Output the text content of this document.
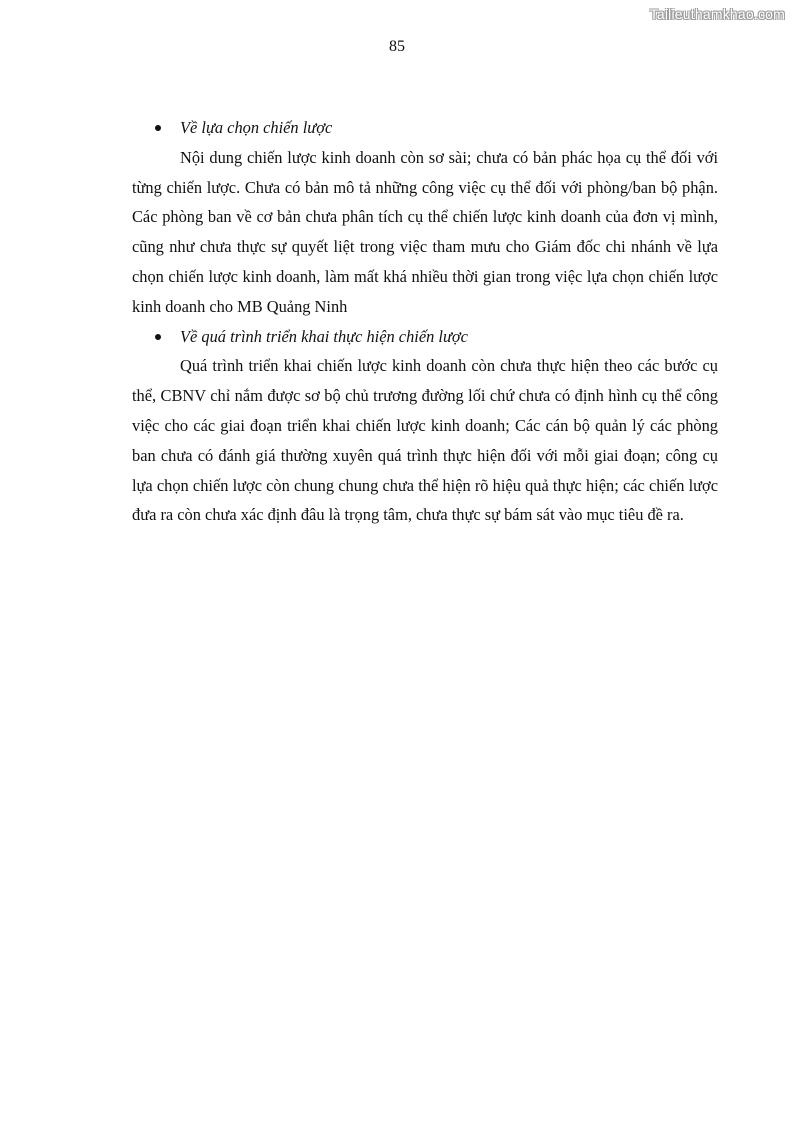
Tailieuthamkhao.com
85

Về lựa chọn chiến lược

Nội dung chiến lược kinh doanh còn sơ sài; chưa có bản phác họa cụ thể đối với từng chiến lược. Chưa có bản mô tả những công việc cụ thể đối với phòng/ban bộ phận. Các phòng ban về cơ bản chưa phân tích cụ thể chiến lược kinh doanh của đơn vị mình, cũng như chưa thực sự quyết liệt trong việc tham mưu cho Giám đốc chi nhánh về lựa chọn chiến lược kinh doanh, làm mất khá nhiều thời gian trong việc lựa chọn chiến lược kinh doanh cho MB Quảng Ninh

Về quá trình triển khai thực hiện chiến lược

Quá trình triển khai chiến lược kinh doanh còn chưa thực hiện theo các bước cụ thể, CBNV chỉ nắm được sơ bộ chủ trương đường lối chứ chưa có định hình cụ thể công việc cho các giai đoạn triển khai chiến lược kinh doanh; Các cán bộ quản lý các phòng ban chưa có đánh giá thường xuyên quá trình thực hiện đối với mỗi giai đoạn; công cụ lựa chọn chiến lược còn chung chung chưa thể hiện rõ hiệu quả thực hiện; các chiến lược đưa ra còn chưa xác định đâu là trọng tâm, chưa thực sự bám sát vào mục tiêu đề ra.
